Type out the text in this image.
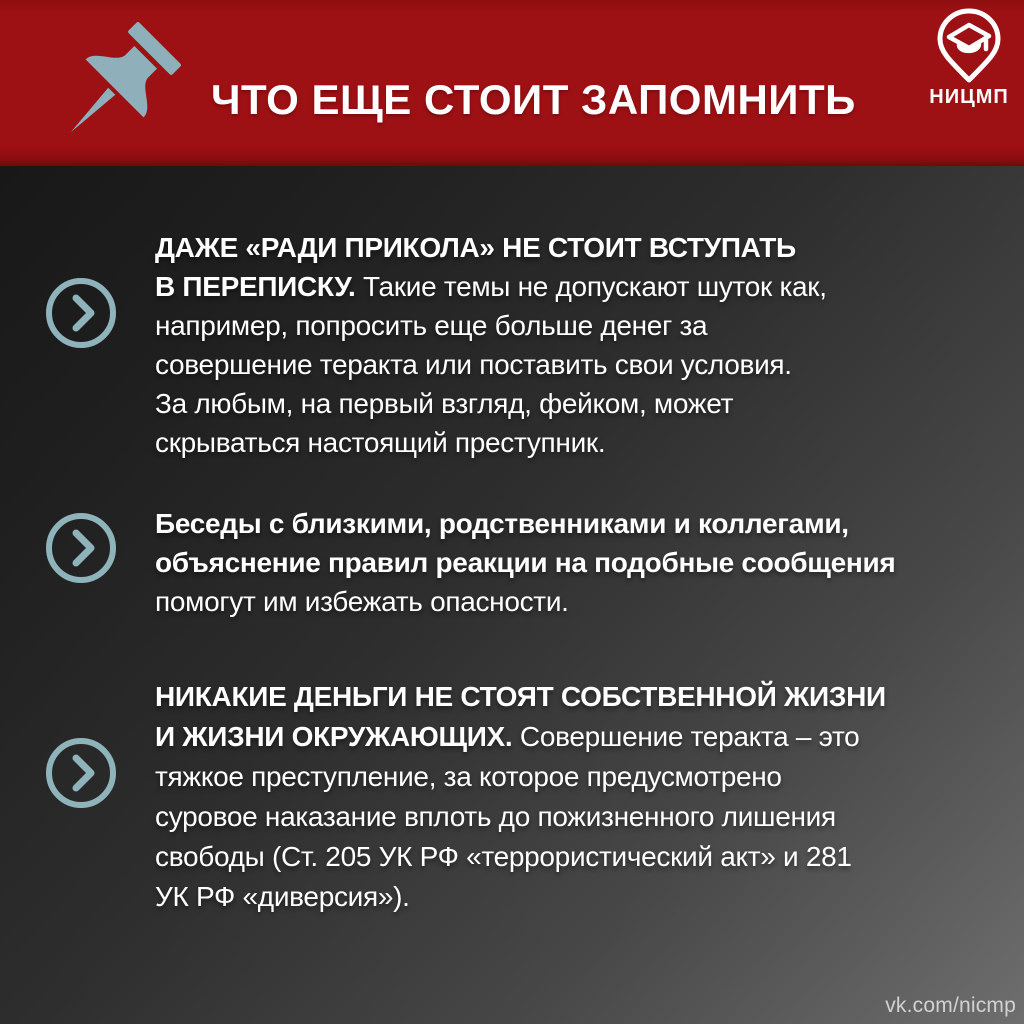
ЧТО ЕЩЕ СТОИТ ЗАПОМНИТЬ	НИЦМП
ДАЖЕ «РАДИ ПРИКОЛА» НЕ СТОИТ ВСТУПАТЬ
В ПЕРЕПИСКУ. Такие темы не допускают шуток как,
например, попросить еще больше денег за
совершение теракта или поставить свои условия.
За любым, на первый взгляд, фейком, может
скрываться настоящий преступник.
Беседы с близкими, родственниками и коллегами,
объяснение правил реакции на подобные сообщения
помогут им избежать опасности.
НИКАКИЕ ДЕНЬГИ НЕ СТОЯТ СОБСТВЕННОЙ ЖИЗНИ
И ЖИЗНИ ОКРУЖАЮЩИХ. Совершение теракта – это
тяжкое преступление, за которое предусмотрено
суровое наказание вплоть до пожизненного лишения
свободы (Ст. 205 УК РФ «террористический акт» и 281
УК РФ «диверсия»).
vk.com/nicmp
